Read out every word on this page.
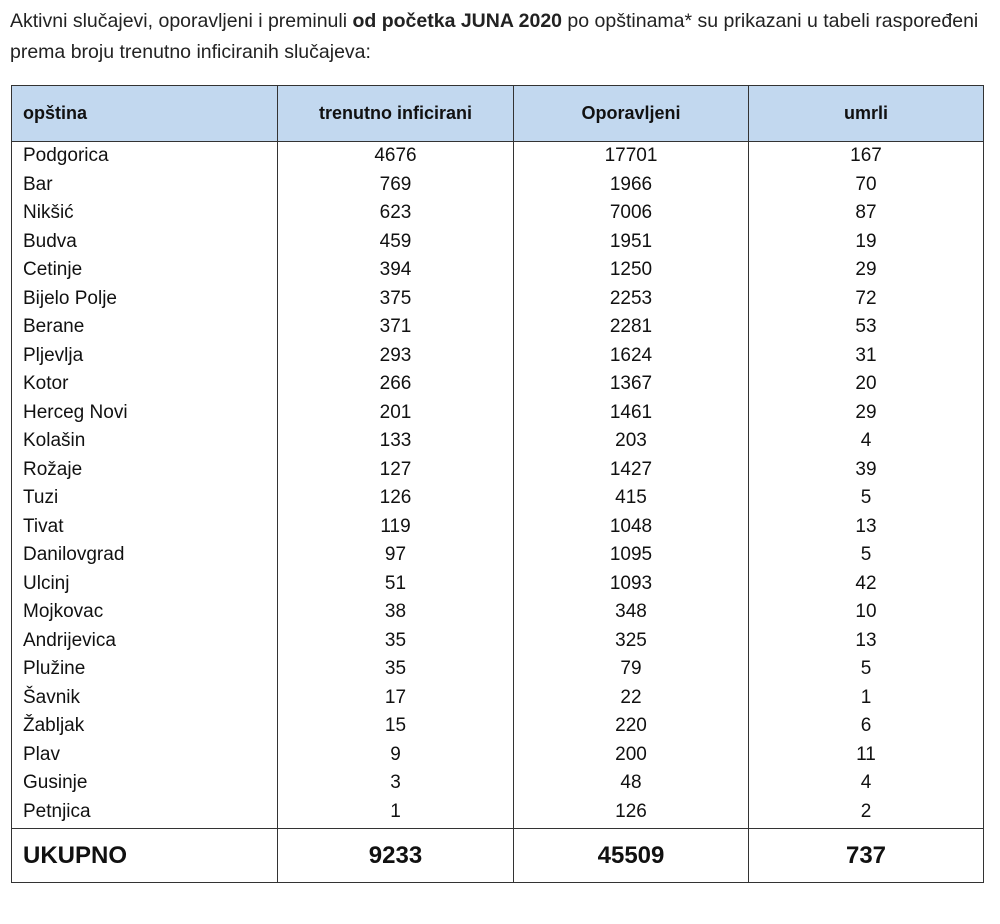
Aktivni slučajevi, oporavljeni i preminuli od početka JUNA 2020 po opštinama* su prikazani u tabeli raspoređeni prema broju trenutno inficiranih slučajeva:
opština	trenutno inficirani	Oporavljeni	umrli
Podgorica	4676	17701	167
Bar	769	1966	70
Nikšić	623	7006	87
Budva	459	1951	19
Cetinje	394	1250	29
Bijelo Polje	375	2253	72
Berane	371	2281	53
Pljevlja	293	1624	31
Kotor	266	1367	20
Herceg Novi	201	1461	29
Kolašin	133	203	4
Rožaje	127	1427	39
Tuzi	126	415	5
Tivat	119	1048	13
Danilovgrad	97	1095	5
Ulcinj	51	1093	42
Mojkovac	38	348	10
Andrijevica	35	325	13
Plužine	35	79	5
Šavnik	17	22	1
Žabljak	15	220	6
Plav	9	200	11
Gusinje	3	48	4
Petnjica	1	126	2
UKUPNO	9233	45509	737
